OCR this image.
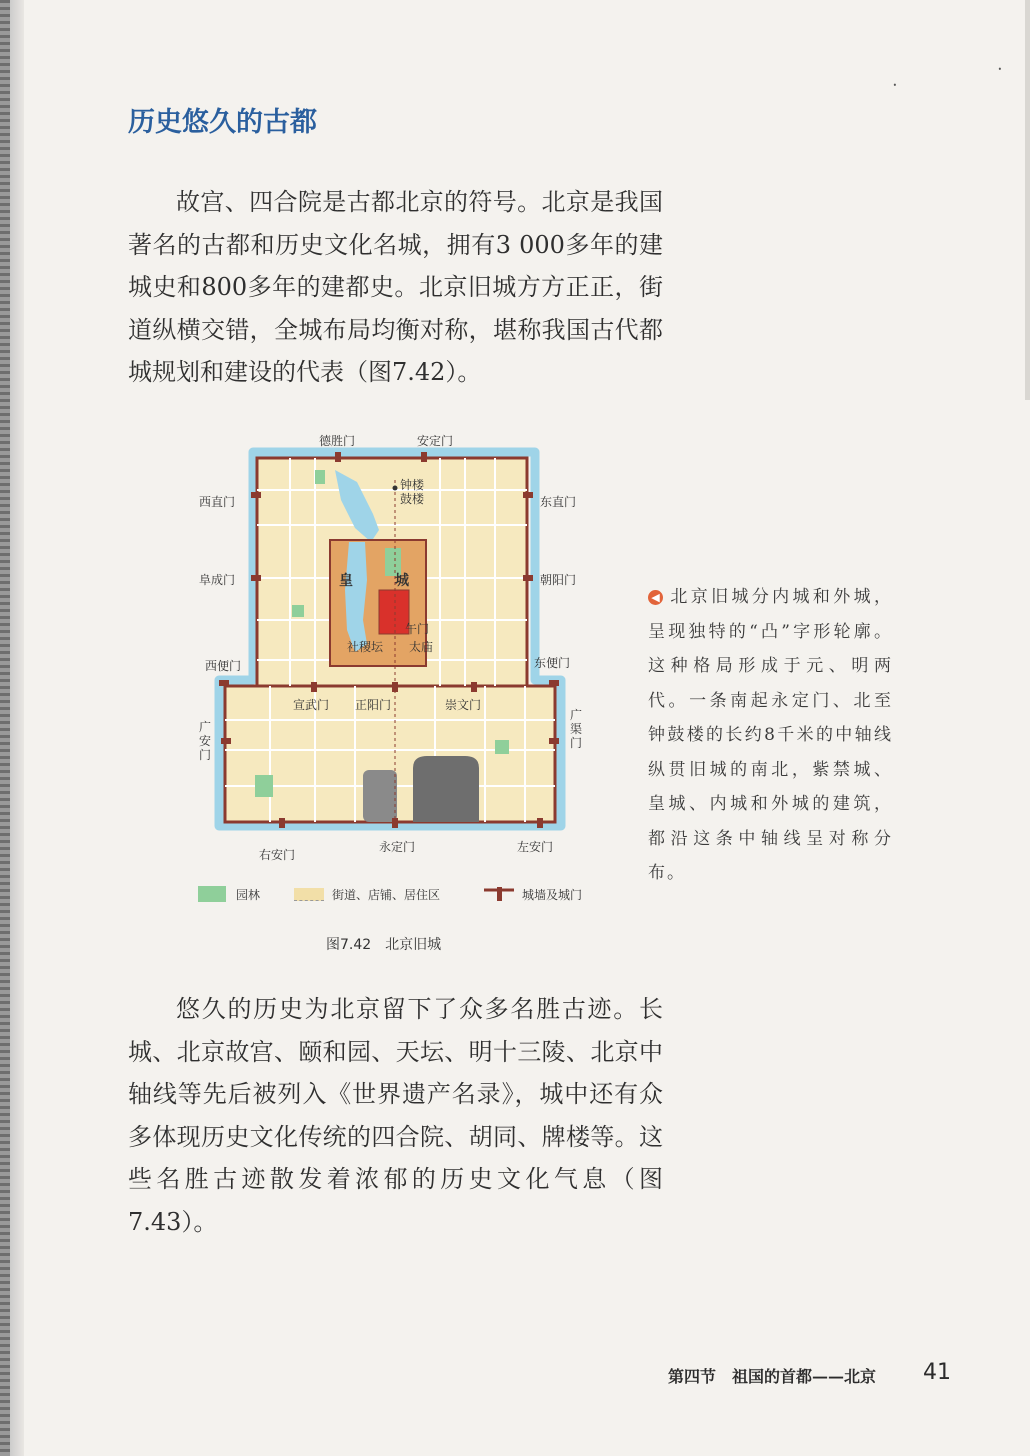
ꞏ
ꞏ
历史悠久的古都

故宫、四合院是古都北京的符号。北京是我国著名的古都和历史文化名城，拥有3 000多年的建城史和800多年的建都史。北京旧城方方正正，街道纵横交错，全城布局均衡对称，堪称我国古代都城规划和建设的代表（图7.42）。

德胜门	安定门
西直门	东直门
阜成门	朝阳门
西便门	东便门
宣武门 正阳门	崇文门
广安门
广渠门
右安门
永定门	左安门
钟楼
鼓楼
皇	城
午门
社稷坛 太庙
园林	街道、店铺、居住区	城墙及城门
图7.42　北京旧城
◀ 北京旧城分内城和外城，呈现独特的“凸”字形轮廓。这种格局形成于元、明两代。一条南起永定门、北至钟鼓楼的长约8千米的中轴线纵贯旧城的南北，紫禁城、皇城、内城和外城的建筑，都沿这条中轴线呈对称分布。

悠久的历史为北京留下了众多名胜古迹。长城、北京故宫、颐和园、天坛、明十三陵、北京中轴线等先后被列入《世界遗产名录》，城中还有众多体现历史文化传统的四合院、胡同、牌楼等。这些名胜古迹散发着浓郁的历史文化气息（图7.43）。

第四节　祖国的首都——北京 41
